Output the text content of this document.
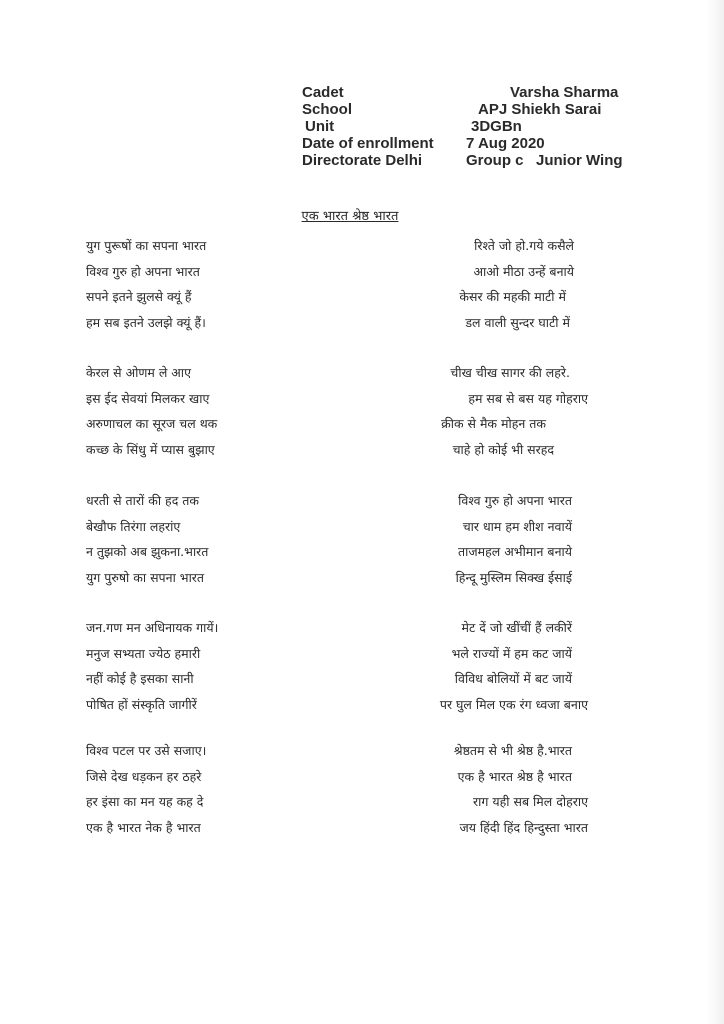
Cadet	Varsha Sharma
School	APJ Shiekh Sarai
Unit	3DGBn
Date of enrollment 7 Aug 2020
Directorate Delhi	Group c   Junior Wing
एक भारत श्रेष्ठ भारत
युग पुरूषों का सपना भारत	रिश्ते जो हो.गये कसैले
विश्व गुरु हो अपना भारत	आओ मीठा उन्हें बनाये
सपने इतने झुलसे क्यूं हैं	केसर की महकी माटी में
हम सब इतने उलझे क्यूं हैं।	डल वाली सुन्दर घाटी में
केरल से ओणम ले आए	चीख चीख सागर की लहरे.
इस ईद सेवयां मिलकर खाए	हम सब से बस यह गोहराए
अरुणाचल का सूरज चल थक	क्रीक से मैक मोहन तक
कच्छ के सिंधु में प्यास बुझाए	चाहे हो कोई भी सरहद
धरती से तारों की हद तक	विश्व गुरु हो अपना भारत
बेखौफ तिरंगा लहरांए	चार धाम हम शीश नवायें
न तुझको अब झुकना.भारत	ताजमहल अभीमान बनाये
युग पुरुषो का सपना भारत	हिन्दू मुस्लिम सिक्ख ईसाई
जन.गण मन अधिनायक गायें।	मेट दें जो खींचीं हैं लकीरें
मनुज सभ्यता ज्येठ हमारी	भले राज्यों में हम कट जायें
नहीं कोई है इसका सानी	विविध बोलियों में बट जायें
पोषित हों संस्कृति जागीरें	पर घुल मिल एक रंग ध्वजा बनाए
विश्व पटल पर उसे सजाए।	श्रेष्ठतम से भी श्रेष्ठ है.भारत
जिसे देख धड़कन हर ठहरे	एक है भारत श्रेष्ठ है भारत
हर इंसा का मन यह कह दे	राग यही सब मिल दोहराए
एक है भारत नेक है भारत	जय हिंदी हिंद हिन्दुस्ता भारत
